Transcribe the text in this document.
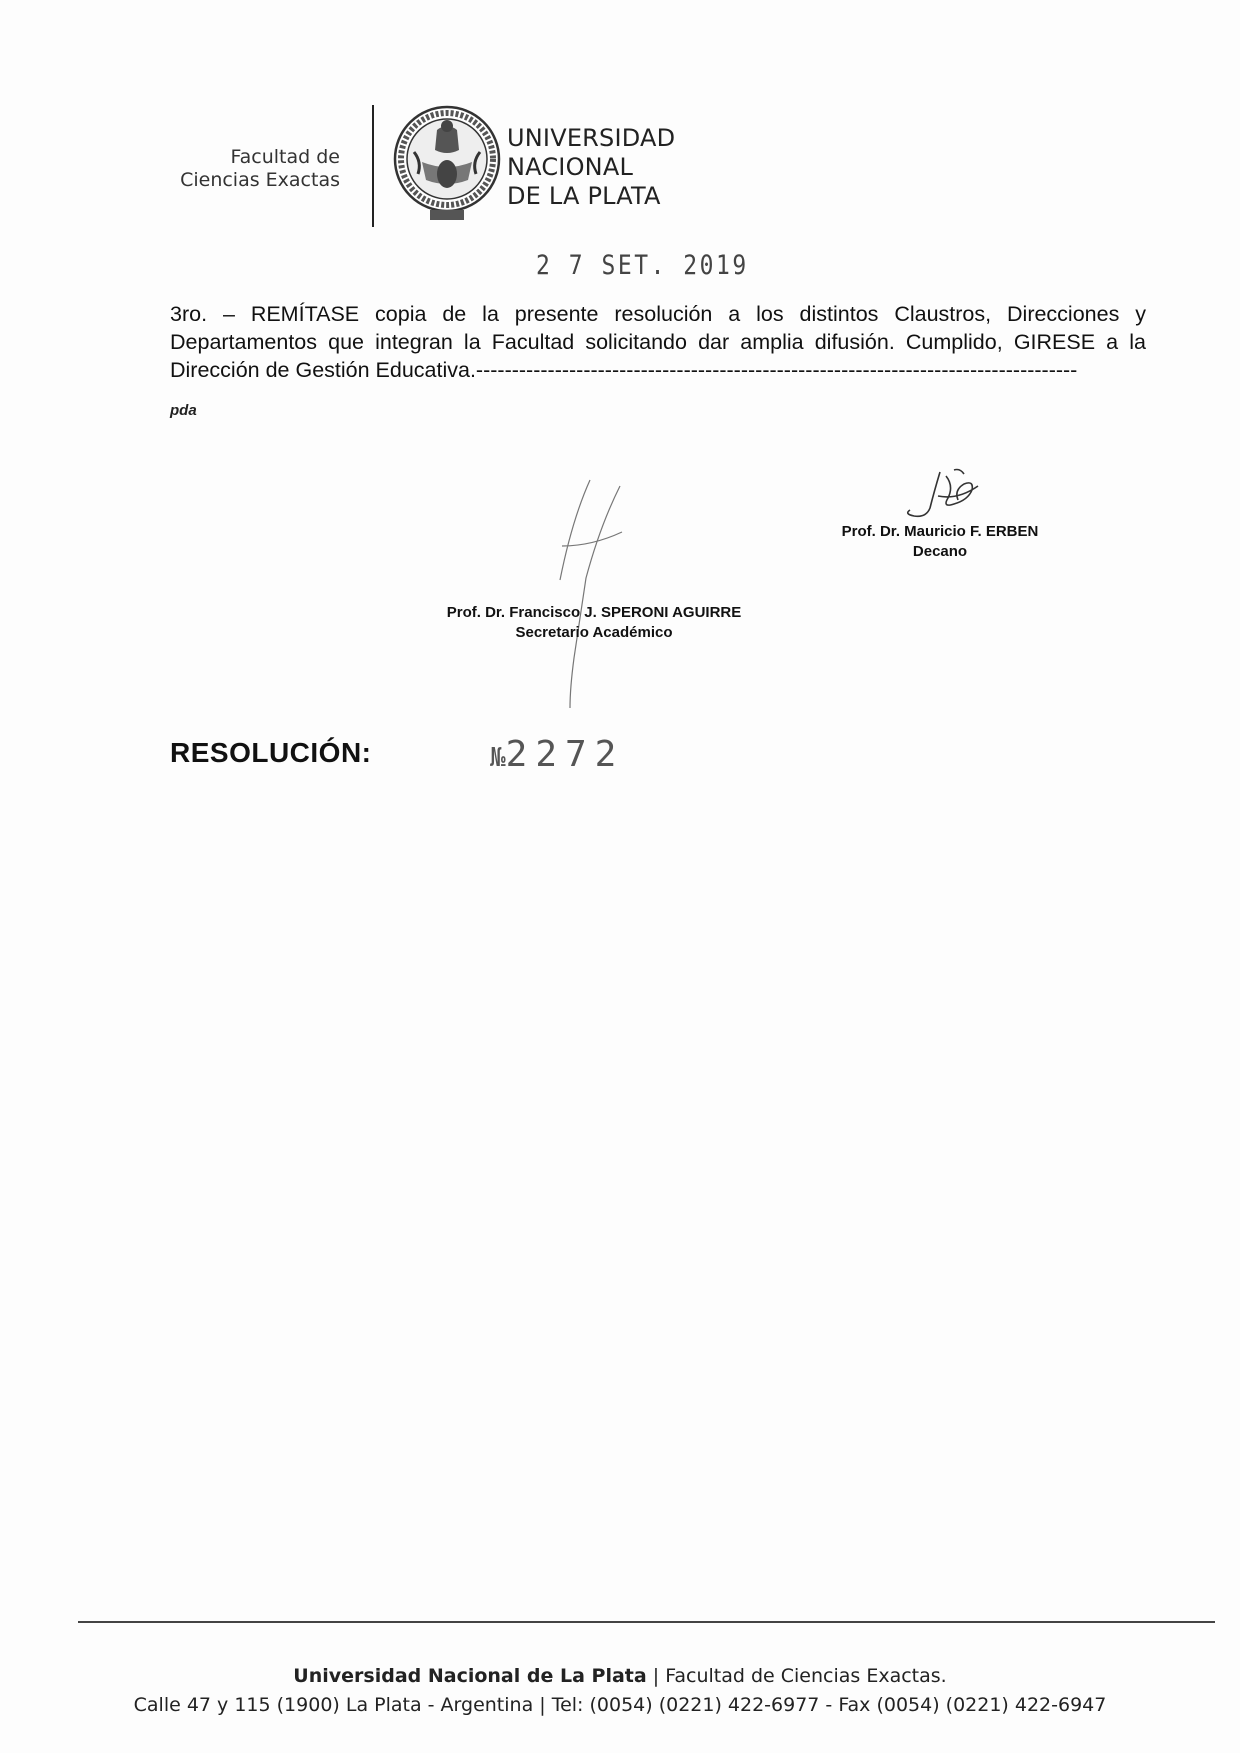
Facultad de
Ciencias Exactas
UNIVERSIDAD
NACIONAL
DE LA PLATA
2 7 SET. 2019
3ro. – REMÍTASE copia de la presente resolución a los distintos Claustros, Direcciones y Departamentos que integran la Facultad solicitando dar amplia difusión. Cumplido, GIRESE a la Dirección de Gestión Educativa.------------------------------------------------------------------------------------
pda
Prof. Dr. Mauricio F. ERBEN
Decano
Prof. Dr. Francisco J. SPERONI AGUIRRE
Secretario Académico
RESOLUCIÓN:	№2272
Universidad Nacional de La Plata | Facultad de Ciencias Exactas.
Calle 47 y 115 (1900) La Plata - Argentina | Tel: (0054) (0221) 422-6977 - Fax (0054) (0221) 422-6947
